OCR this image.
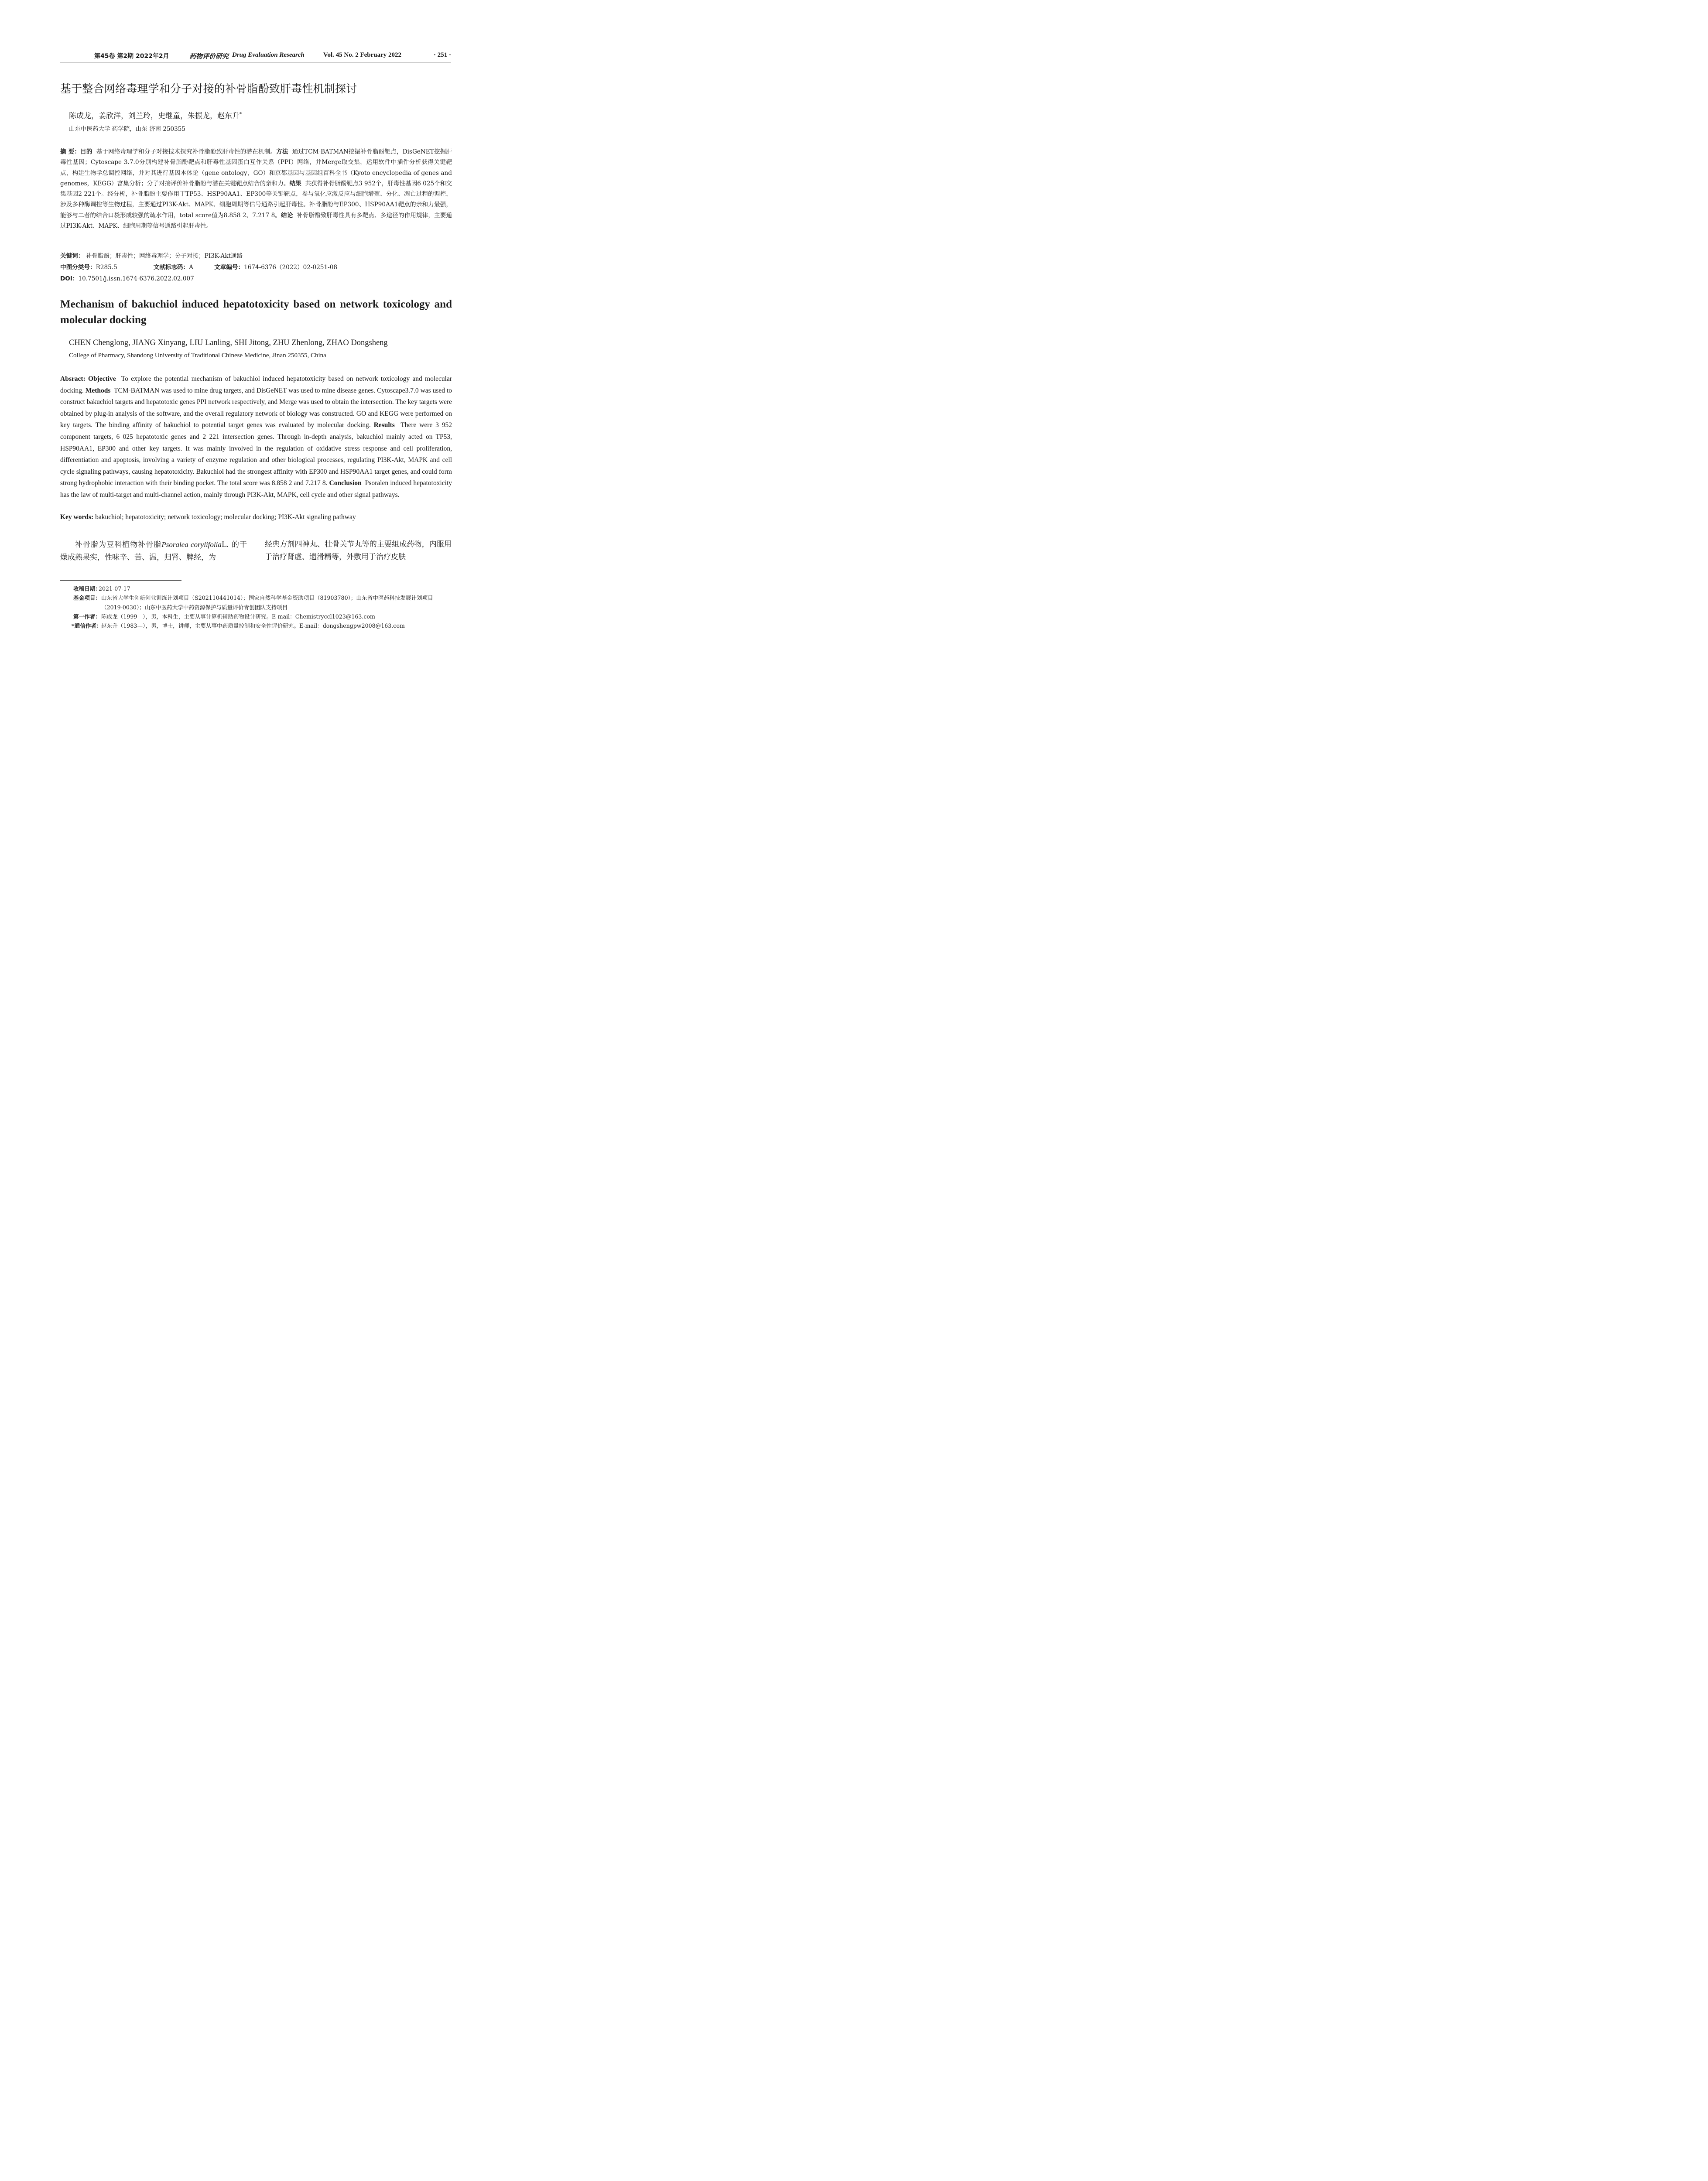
第45卷 第2期 2022年2月	药物评价研究 Drug Evaluation Research	Vol. 45 No. 2 February 2022	· 251 ·
基于整合网络毒理学和分子对接的补骨脂酚致肝毒性机制探讨
陈成龙，姜欣洋，刘兰玲，史继童，朱振龙，赵东升*
山东中医药大学 药学院，山东 济南 250355
摘 要：目的 基于网络毒理学和分子对接技术探究补骨脂酚致肝毒性的潜在机制。方法 通过TCM-BATMAN挖掘补骨脂酚靶点，DisGeNET挖掘肝毒性基因；Cytoscape 3.7.0分别构建补骨脂酚靶点和肝毒性基因蛋白互作关系（PPI）网络，并Merge取交集，运用软件中插件分析获得关键靶点，构建生物学总调控网络，并对其进行基因本体论（gene ontology，GO）和京都基因与基因组百科全书（Kyoto encyclopedia of genes and genomes，KEGG）富集分析；分子对接评价补骨脂酚与潜在关键靶点结合的亲和力。结果 共获得补骨脂酚靶点3 952个，肝毒性基因6 025个和交集基因2 221个。经分析，补骨脂酚主要作用于TP53、HSP90AA1、EP300等关键靶点，参与氧化应激反应与细胞增殖、分化、凋亡过程的调控，涉及多种酶调控等生物过程，主要通过PI3K-Akt、MAPK、细胞周期等信号通路引起肝毒性。补骨脂酚与EP300、HSP90AA1靶点的亲和力最强，能够与二者的结合口袋形成较强的疏水作用，total score值为8.858 2、7.217 8。结论 补骨脂酚致肝毒性具有多靶点、多途径的作用规律，主要通过PI3K-Akt、MAPK、细胞周期等信号通路引起肝毒性。
关键词： 补骨脂酚；肝毒性；网络毒理学；分子对接；PI3K-Akt通路
中图分类号：R285.5	文献标志码：A	文章编号：1674-6376（2022）02-0251-08
DOI：10.7501/j.issn.1674-6376.2022.02.007
Mechanism of bakuchiol induced hepatotoxicity based on network toxicology and molecular docking
CHEN Chenglong, JIANG Xinyang, LIU Lanling, SHI Jitong, ZHU Zhenlong, ZHAO Dongsheng
College of Pharmacy, Shandong University of Traditional Chinese Medicine, Jinan 250355, China
Absract: Objective To explore the potential mechanism of bakuchiol induced hepatotoxicity based on network toxicology and molecular docking. Methods TCM-BATMAN was used to mine drug targets, and DisGeNET was used to mine disease genes. Cytoscape3.7.0 was used to construct bakuchiol targets and hepatotoxic genes PPI network respectively, and Merge was used to obtain the intersection. The key targets were obtained by plug-in analysis of the software, and the overall regulatory network of biology was constructed. GO and KEGG were performed on key targets. The binding affinity of bakuchiol to potential target genes was evaluated by molecular docking. Results There were 3 952 component targets, 6 025 hepatotoxic genes and 2 221 intersection genes. Through in-depth analysis, bakuchiol mainly acted on TP53, HSP90AA1, EP300 and other key targets. It was mainly involved in the regulation of oxidative stress response and cell proliferation, differentiation and apoptosis, involving a variety of enzyme regulation and other biological processes, regulating PI3K-Akt, MAPK and cell cycle signaling pathways, causing hepatotoxicity. Bakuchiol had the strongest affinity with EP300 and HSP90AA1 target genes, and could form strong hydrophobic interaction with their binding pocket. The total score was 8.858 2 and 7.217 8. Conclusion Psoralen induced hepatotoxicity has the law of multi-target and multi-channel action, mainly through PI3K-Akt, MAPK, cell cycle and other signal pathways.
Key words: bakuchiol; hepatotoxicity; network toxicology; molecular docking; PI3K-Akt signaling pathway
补骨脂为豆科植物补骨脂Psoralea corylifoliaL. 的干燥成熟果实，性味辛、苦、温，归肾、脾经，为
经典方剂四神丸、壮骨关节丸等的主要组成药物，内服用于治疗肾虚、遗滑精等，外敷用于治疗皮肤
收稿日期：
2021-07-17
基金项目： 山东省大学生创新创业训练计划项目（S202110441014）；国家自然科学基金资助项目（81903780）；山东省中医药科技发展计划项目（2019-0030）；山东中医药大学中药资源保护与质量评价青创团队支持项目
第一作者： 陈成龙（1999—），男，本科生，主要从事计算机辅助药物设计研究。E-mail：Chemistryccl1023@163.com
*通信作者：
赵东升（1983—），男，博士，讲师，主要从事中药质量控制和安全性评价研究。E-mail：dongshengpw2008@163.com
